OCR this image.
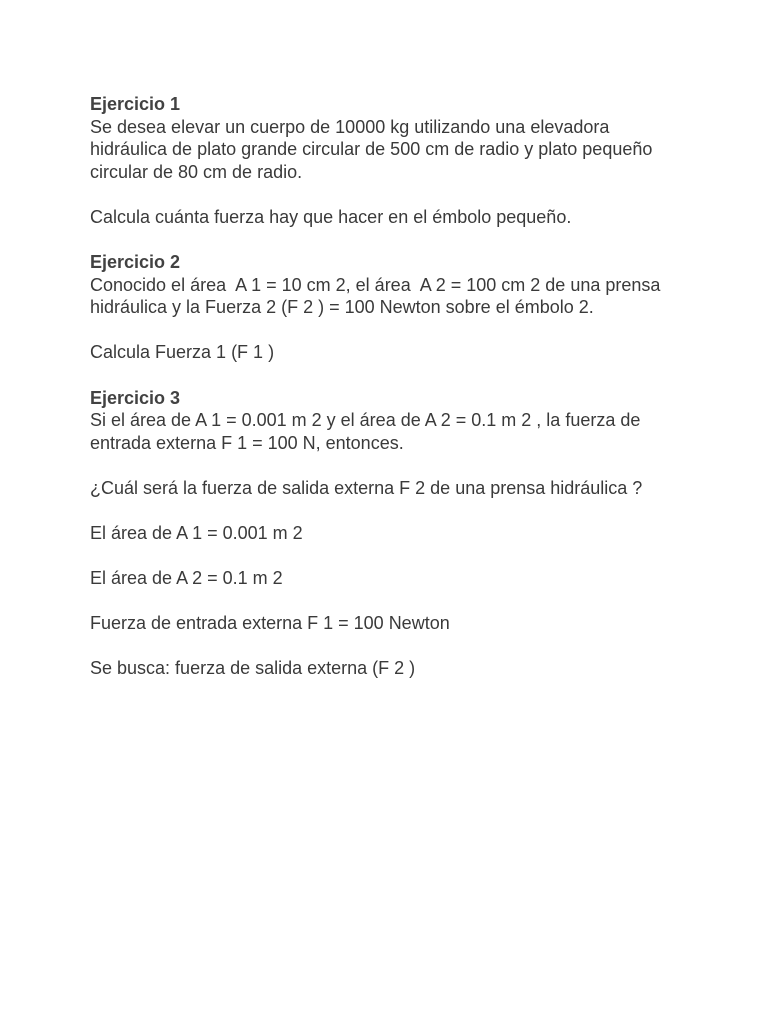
Ejercicio 1

Se desea elevar un cuerpo de 10000 kg utilizando una elevadora hidráulica de plato grande circular de 500 cm de radio y plato pequeño circular de 80 cm de radio.

Calcula cuánta fuerza hay que hacer en el émbolo pequeño.

Ejercicio 2

Conocido el área  A 1 = 10 cm 2, el área  A 2 = 100 cm 2 de una prensa hidráulica y la Fuerza 2 (F 2 ) = 100 Newton sobre el émbolo 2.

Calcula Fuerza 1 (F 1 )

Ejercicio 3

Si el área de A 1 = 0.001 m 2 y el área de A 2 = 0.1 m 2 , la fuerza de entrada externa F 1 = 100 N, entonces.

¿Cuál será la fuerza de salida externa F 2 de una prensa hidráulica ?

El área de A 1 = 0.001 m 2

El área de A 2 = 0.1 m 2

Fuerza de entrada externa F 1 = 100 Newton

Se busca: fuerza de salida externa (F 2 )
